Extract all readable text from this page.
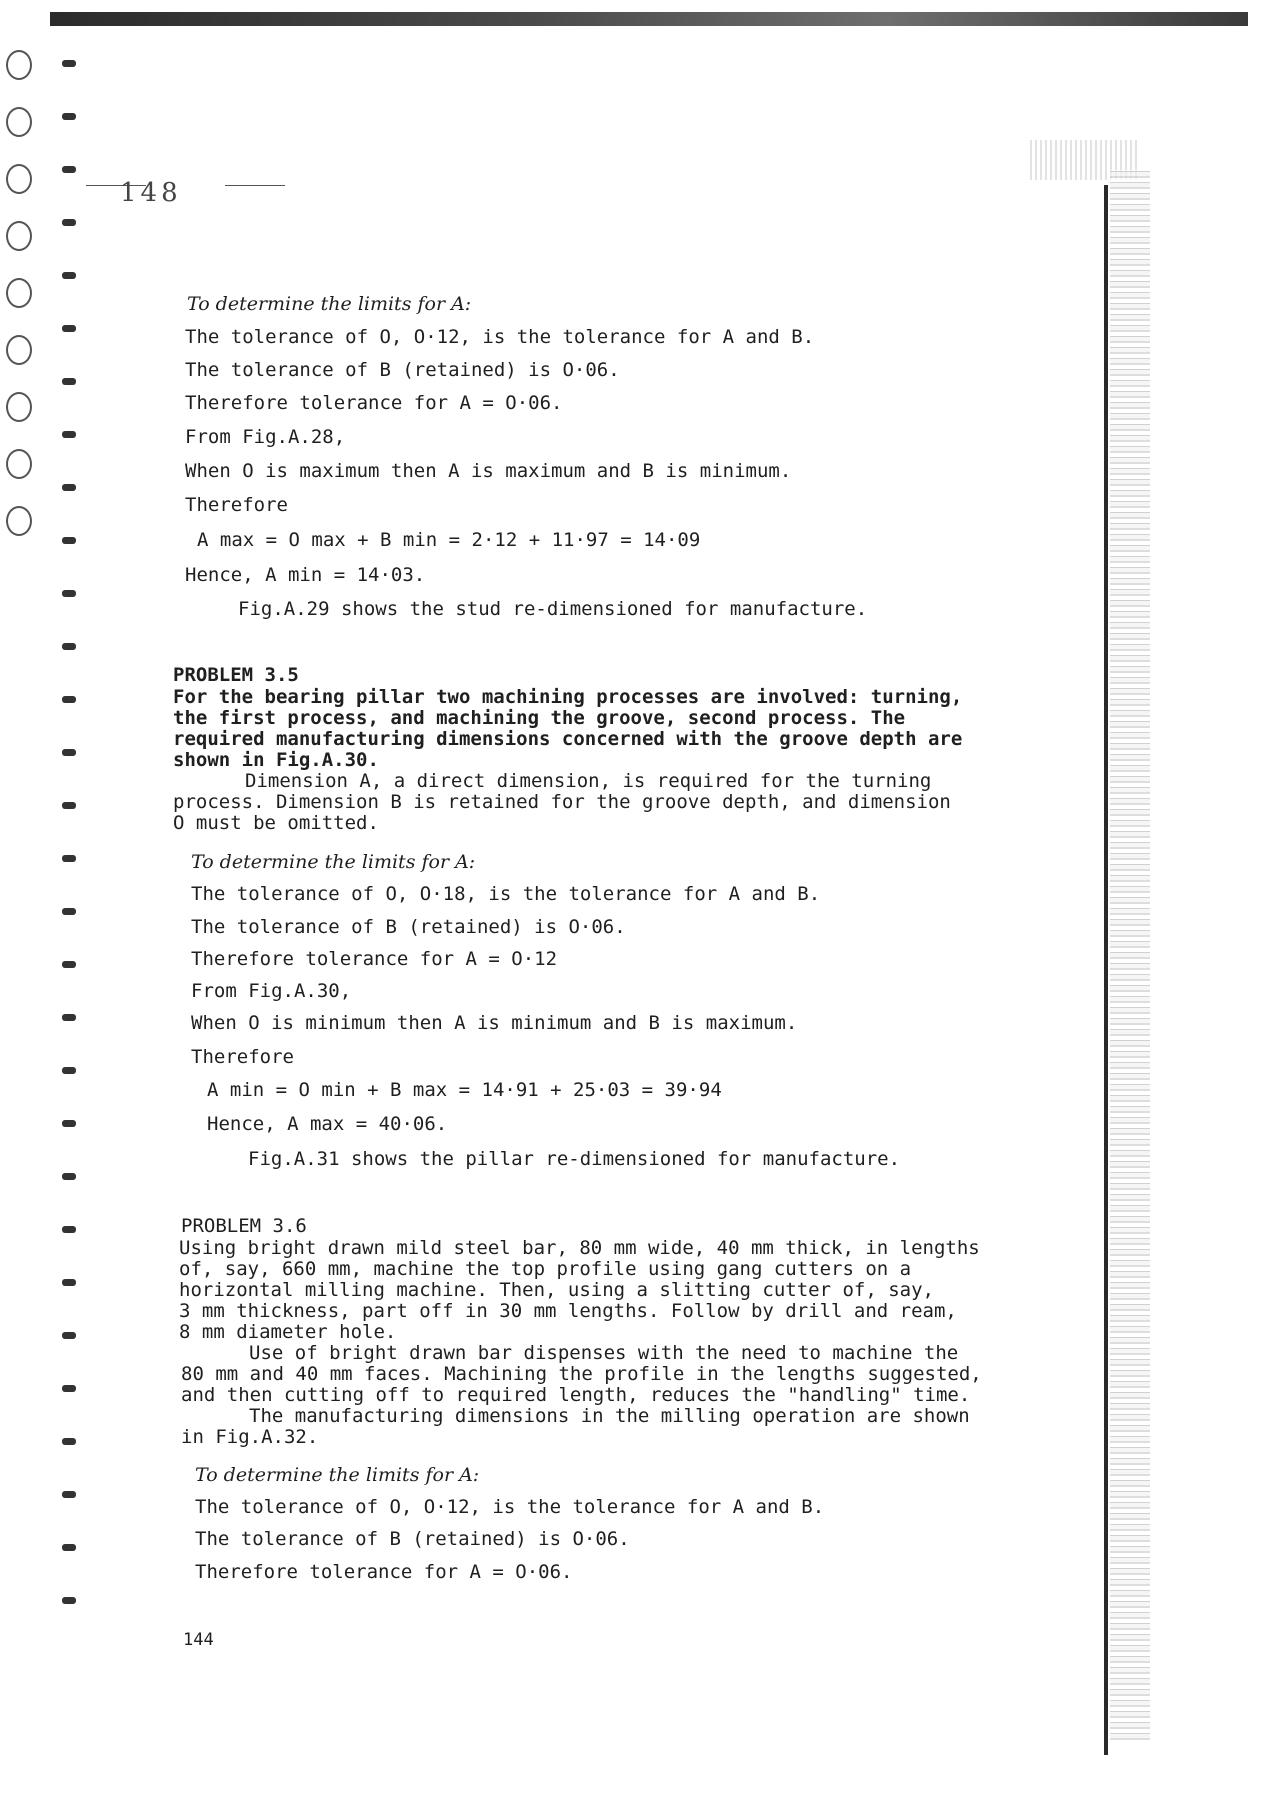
148
To determine the limits for A:
The tolerance of O, O·12, is the tolerance for A and B.
The tolerance of B (retained) is O·06.
Therefore tolerance for A = O·06.
From Fig.A.28,
When O is maximum then A is maximum and B is minimum.
Therefore
A max = O max + B min = 2·12 + 11·97 = 14·09
Hence, A min = 14·03.
Fig.A.29 shows the stud re-dimensioned for manufacture.
PROBLEM 3.5
For the bearing pillar two machining processes are involved: turning,
the first process, and machining the groove, second process. The
required manufacturing dimensions concerned with the groove depth are
shown in Fig.A.30.
Dimension A, a direct dimension, is required for the turning
process. Dimension B is retained for the groove depth, and dimension
O must be omitted.
To determine the limits for A:
The tolerance of O, O·18, is the tolerance for A and B.
The tolerance of B (retained) is O·06.
Therefore tolerance for A = O·12
From Fig.A.30,
When O is minimum then A is minimum and B is maximum.
Therefore
A min = O min + B max = 14·91 + 25·03 = 39·94
Hence, A max = 40·06.
Fig.A.31 shows the pillar re-dimensioned for manufacture.
PROBLEM 3.6
Using bright drawn mild steel bar, 80 mm wide, 40 mm thick, in lengths
of, say, 660 mm, machine the top profile using gang cutters on a
horizontal milling machine. Then, using a slitting cutter of, say,
3 mm thickness, part off in 30 mm lengths. Follow by drill and ream,
8 mm diameter hole.
Use of bright drawn bar dispenses with the need to machine the
80 mm and 40 mm faces. Machining the profile in the lengths suggested,
and then cutting off to required length, reduces the "handling" time.
The manufacturing dimensions in the milling operation are shown
in Fig.A.32.
To determine the limits for A:
The tolerance of O, O·12, is the tolerance for A and B.
The tolerance of B (retained) is O·06.
Therefore tolerance for A = O·06.
144
